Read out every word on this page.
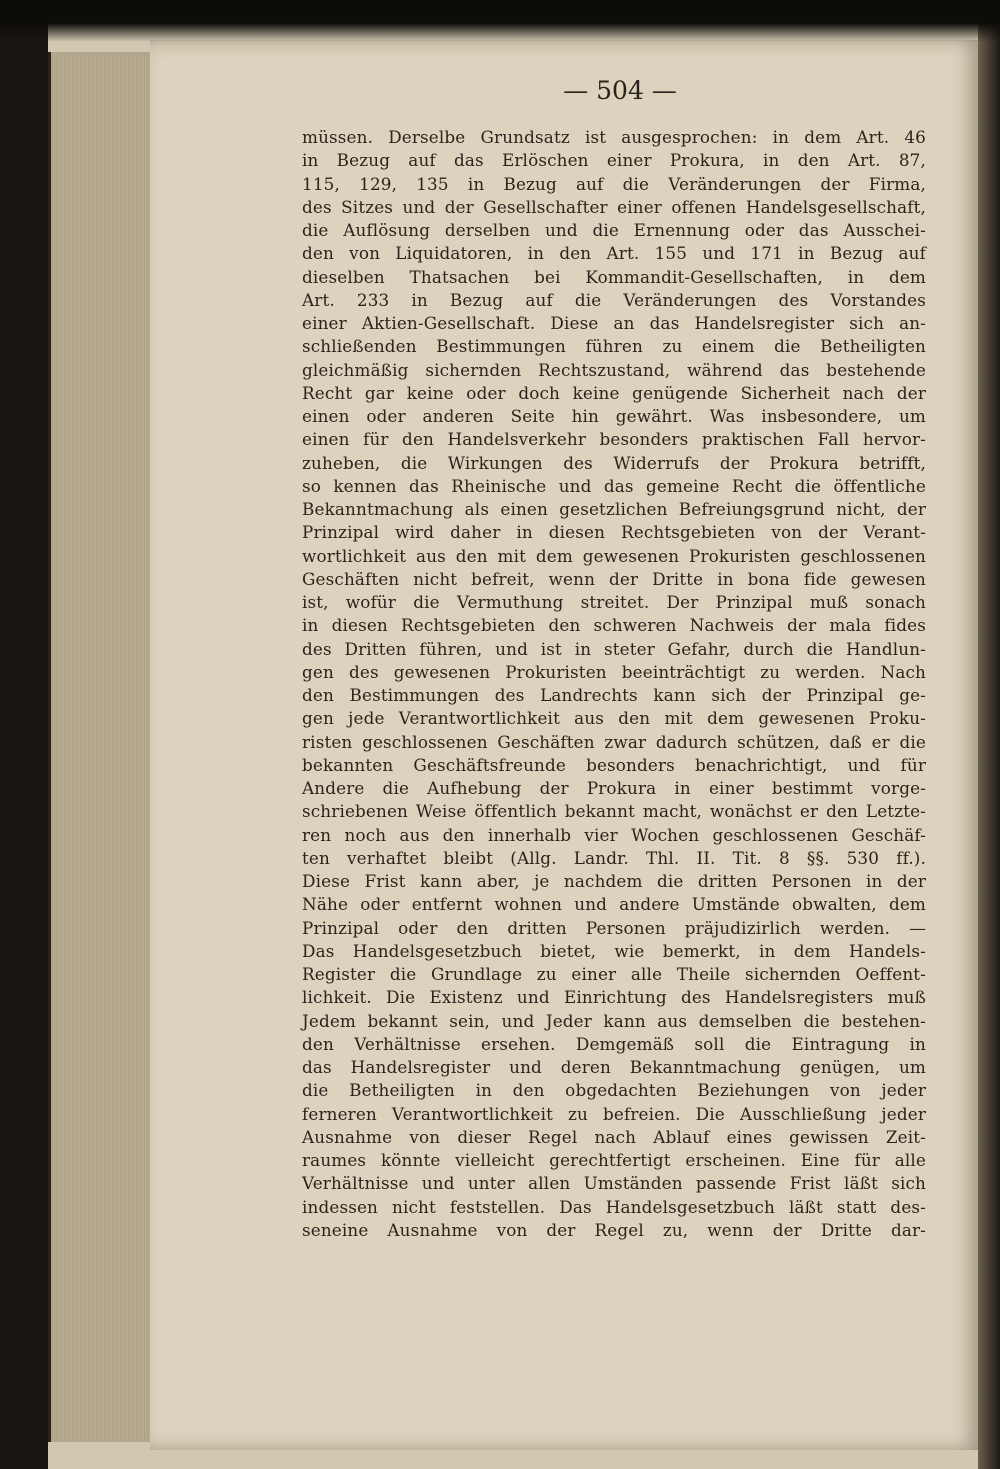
— 504 —
müssen. Derselbe Grundsatz ist ausgesprochen: in dem Art. 46
in Bezug auf das Erlöschen einer Prokura, in den Art. 87,
115, 129, 135 in Bezug auf die Veränderungen der Firma,
des Sitzes und der Gesellschafter einer offenen Handelsgesellschaft,
die Auflösung derselben und die Ernennung oder das Ausschei-
den von Liquidatoren, in den Art. 155 und 171 in Bezug auf
dieselben Thatsachen bei Kommandit-Gesellschaften, in dem
Art. 233 in Bezug auf die Veränderungen des Vorstandes
einer Aktien-Gesellschaft. Diese an das Handelsregister sich an-
schließenden Bestimmungen führen zu einem die Betheiligten
gleichmäßig sichernden Rechtszustand, während das bestehende
Recht gar keine oder doch keine genügende Sicherheit nach der
einen oder anderen Seite hin gewährt. Was insbesondere, um
einen für den Handelsverkehr besonders praktischen Fall hervor-
zuheben, die Wirkungen des Widerrufs der Prokura betrifft,
so kennen das Rheinische und das gemeine Recht die öffentliche
Bekanntmachung als einen gesetzlichen Befreiungsgrund nicht, der
Prinzipal wird daher in diesen Rechtsgebieten von der Verant-
wortlichkeit aus den mit dem gewesenen Prokuristen geschlossenen
Geschäften nicht befreit, wenn der Dritte in bona fide gewesen
ist, wofür die Vermuthung streitet. Der Prinzipal muß sonach
in diesen Rechtsgebieten den schweren Nachweis der mala fides
des Dritten führen, und ist in steter Gefahr, durch die Handlun-
gen des gewesenen Prokuristen beeinträchtigt zu werden. Nach
den Bestimmungen des Landrechts kann sich der Prinzipal ge-
gen jede Verantwortlichkeit aus den mit dem gewesenen Proku-
risten geschlossenen Geschäften zwar dadurch schützen, daß er die
bekannten Geschäftsfreunde besonders benachrichtigt, und für
Andere die Aufhebung der Prokura in einer bestimmt vorge-
schriebenen Weise öffentlich bekannt macht, wonächst er den Letzte-
ren noch aus den innerhalb vier Wochen geschlossenen Geschäf-
ten verhaftet bleibt (Allg. Landr. Thl. II. Tit. 8 §§. 530 ff.).
Diese Frist kann aber, je nachdem die dritten Personen in der
Nähe oder entfernt wohnen und andere Umstände obwalten, dem
Prinzipal oder den dritten Personen präjudizirlich werden. —
Das Handelsgesetzbuch bietet, wie bemerkt, in dem Handels-
Register die Grundlage zu einer alle Theile sichernden Oeffent-
lichkeit. Die Existenz und Einrichtung des Handelsregisters muß
Jedem bekannt sein, und Jeder kann aus demselben die bestehen-
den Verhältnisse ersehen. Demgemäß soll die Eintragung in
das Handelsregister und deren Bekanntmachung genügen, um
die Betheiligten in den obgedachten Beziehungen von jeder
ferneren Verantwortlichkeit zu befreien. Die Ausschließung jeder
Ausnahme von dieser Regel nach Ablauf eines gewissen Zeit-
raumes könnte vielleicht gerechtfertigt erscheinen. Eine für alle
Verhältnisse und unter allen Umständen passende Frist läßt sich
indessen nicht feststellen. Das Handelsgesetzbuch läßt statt des-
seneine Ausnahme von der Regel zu, wenn der Dritte dar-
